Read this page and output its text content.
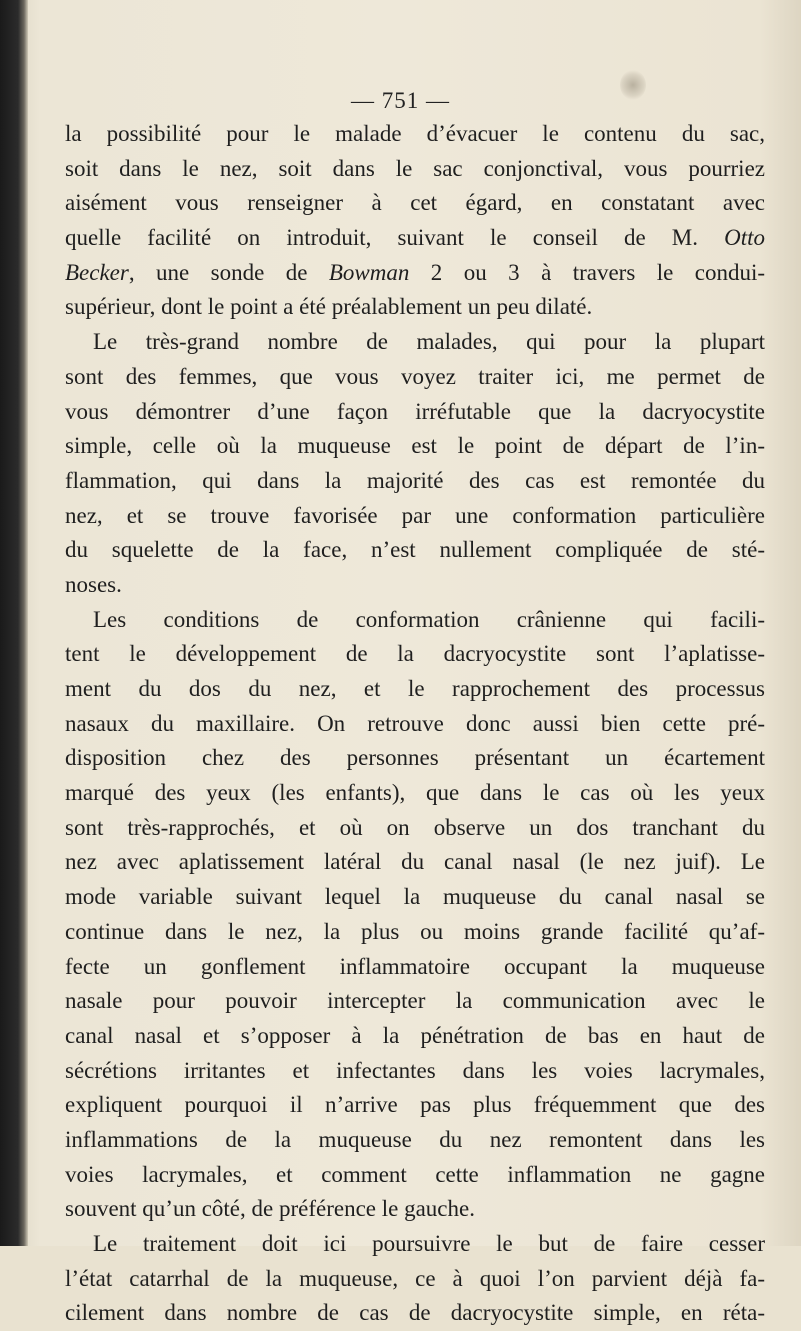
— 751 —
la possibilité pour le malade d’évacuer le contenu du sac,
soit dans le nez, soit dans le sac conjonctival, vous pourriez
aisément vous renseigner à cet égard, en constatant avec
quelle facilité on introduit, suivant le conseil de M. Otto
Becker, une sonde de Bowman 2 ou 3 à travers le condui-
supérieur, dont le point a été préalablement un peu dilaté.
Le très-grand nombre de malades, qui pour la plupart
sont des femmes, que vous voyez traiter ici, me permet de
vous démontrer d’une façon irréfutable que la dacryocystite
simple, celle où la muqueuse est le point de départ de l’in-
flammation, qui dans la majorité des cas est remontée du
nez, et se trouve favorisée par une conformation particulière
du squelette de la face, n’est nullement compliquée de sté-
noses.
Les conditions de conformation crânienne qui facili-
tent le développement de la dacryocystite sont l’aplatisse-
ment du dos du nez, et le rapprochement des processus
nasaux du maxillaire. On retrouve donc aussi bien cette pré-
disposition chez des personnes présentant un écartement
marqué des yeux (les enfants), que dans le cas où les yeux
sont très-rapprochés, et où on observe un dos tranchant du
nez avec aplatissement latéral du canal nasal (le nez juif). Le
mode variable suivant lequel la muqueuse du canal nasal se
continue dans le nez, la plus ou moins grande facilité qu’af-
fecte un gonflement inflammatoire occupant la muqueuse
nasale pour pouvoir intercepter la communication avec le
canal nasal et s’opposer à la pénétration de bas en haut de
sécrétions irritantes et infectantes dans les voies lacrymales,
expliquent pourquoi il n’arrive pas plus fréquemment que des
inflammations de la muqueuse du nez remontent dans les
voies lacrymales, et comment cette inflammation ne gagne
souvent qu’un côté, de préférence le gauche.
Le traitement doit ici poursuivre le but de faire cesser
l’état catarrhal de la muqueuse, ce à quoi l’on parvient déjà fa-
cilement dans nombre de cas de dacryocystite simple, en réta-
